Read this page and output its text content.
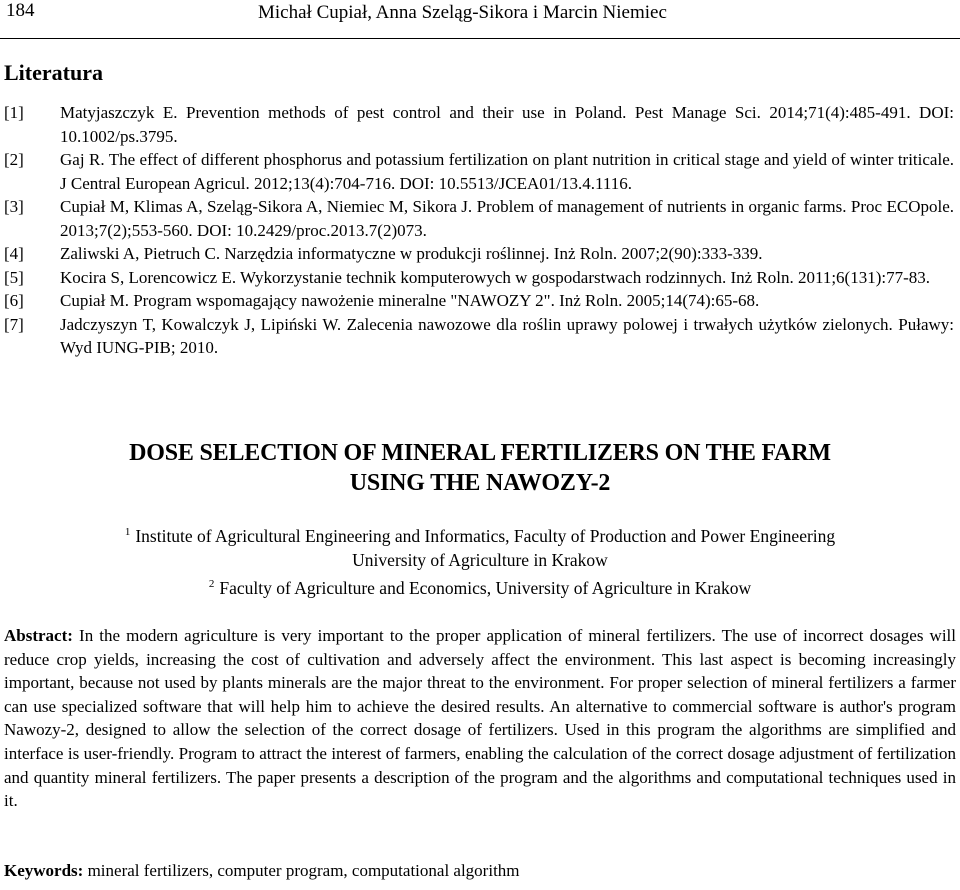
184	Michał Cupiał, Anna Szeląg-Sikora i Marcin Niemiec
Literatura
[1]	Matyjaszczyk E. Prevention methods of pest control and their use in Poland. Pest Manage Sci. 2014;71(4):485-491. DOI: 10.1002/ps.3795.
[2]	Gaj R. The effect of different phosphorus and potassium fertilization on plant nutrition in critical stage and yield of winter triticale. J Central European Agricul. 2012;13(4):704-716. DOI: 10.5513/JCEA01/13.4.1116.
[3]	Cupiał M, Klimas A, Szeląg-Sikora A, Niemiec M, Sikora J. Problem of management of nutrients in organic farms. Proc ECOpole. 2013;7(2);553-560. DOI: 10.2429/proc.2013.7(2)073.
[4]	Zaliwski A, Pietruch C. Narzędzia informatyczne w produkcji roślinnej. Inż Roln. 2007;2(90):333-339.
[5]	Kocira S, Lorencowicz E. Wykorzystanie technik komputerowych w gospodarstwach rodzinnych. Inż Roln. 2011;6(131):77-83.
[6]	Cupiał M. Program wspomagający nawożenie mineralne "NAWOZY 2". Inż Roln. 2005;14(74):65-68.
[7]	Jadczyszyn T, Kowalczyk J, Lipiński W. Zalecenia nawozowe dla roślin uprawy polowej i trwałych użytków zielonych. Puławy: Wyd IUNG-PIB; 2010.
DOSE SELECTION OF MINERAL FERTILIZERS ON THE FARM
USING THE NAWOZY-2
$^1$ Institute of Agricultural Engineering and Informatics, Faculty of Production and Power Engineering
University of Agriculture in Krakow
$^2$ Faculty of Agriculture and Economics, University of Agriculture in Krakow
Abstract: In the modern agriculture is very important to the proper application of mineral fertilizers. The use of incorrect dosages will reduce crop yields, increasing the cost of cultivation and adversely affect the environment. This last aspect is becoming increasingly important, because not used by plants minerals are the major threat to the environment. For proper selection of mineral fertilizers a farmer can use specialized software that will help him to achieve the desired results. An alternative to commercial software is author's program Nawozy-2, designed to allow the selection of the correct dosage of fertilizers. Used in this program the algorithms are simplified and interface is user-friendly. Program to attract the interest of farmers, enabling the calculation of the correct dosage adjustment of fertilization and quantity mineral fertilizers. The paper presents a description of the program and the algorithms and computational techniques used in it.
Keywords: mineral fertilizers, computer program, computational algorithm
